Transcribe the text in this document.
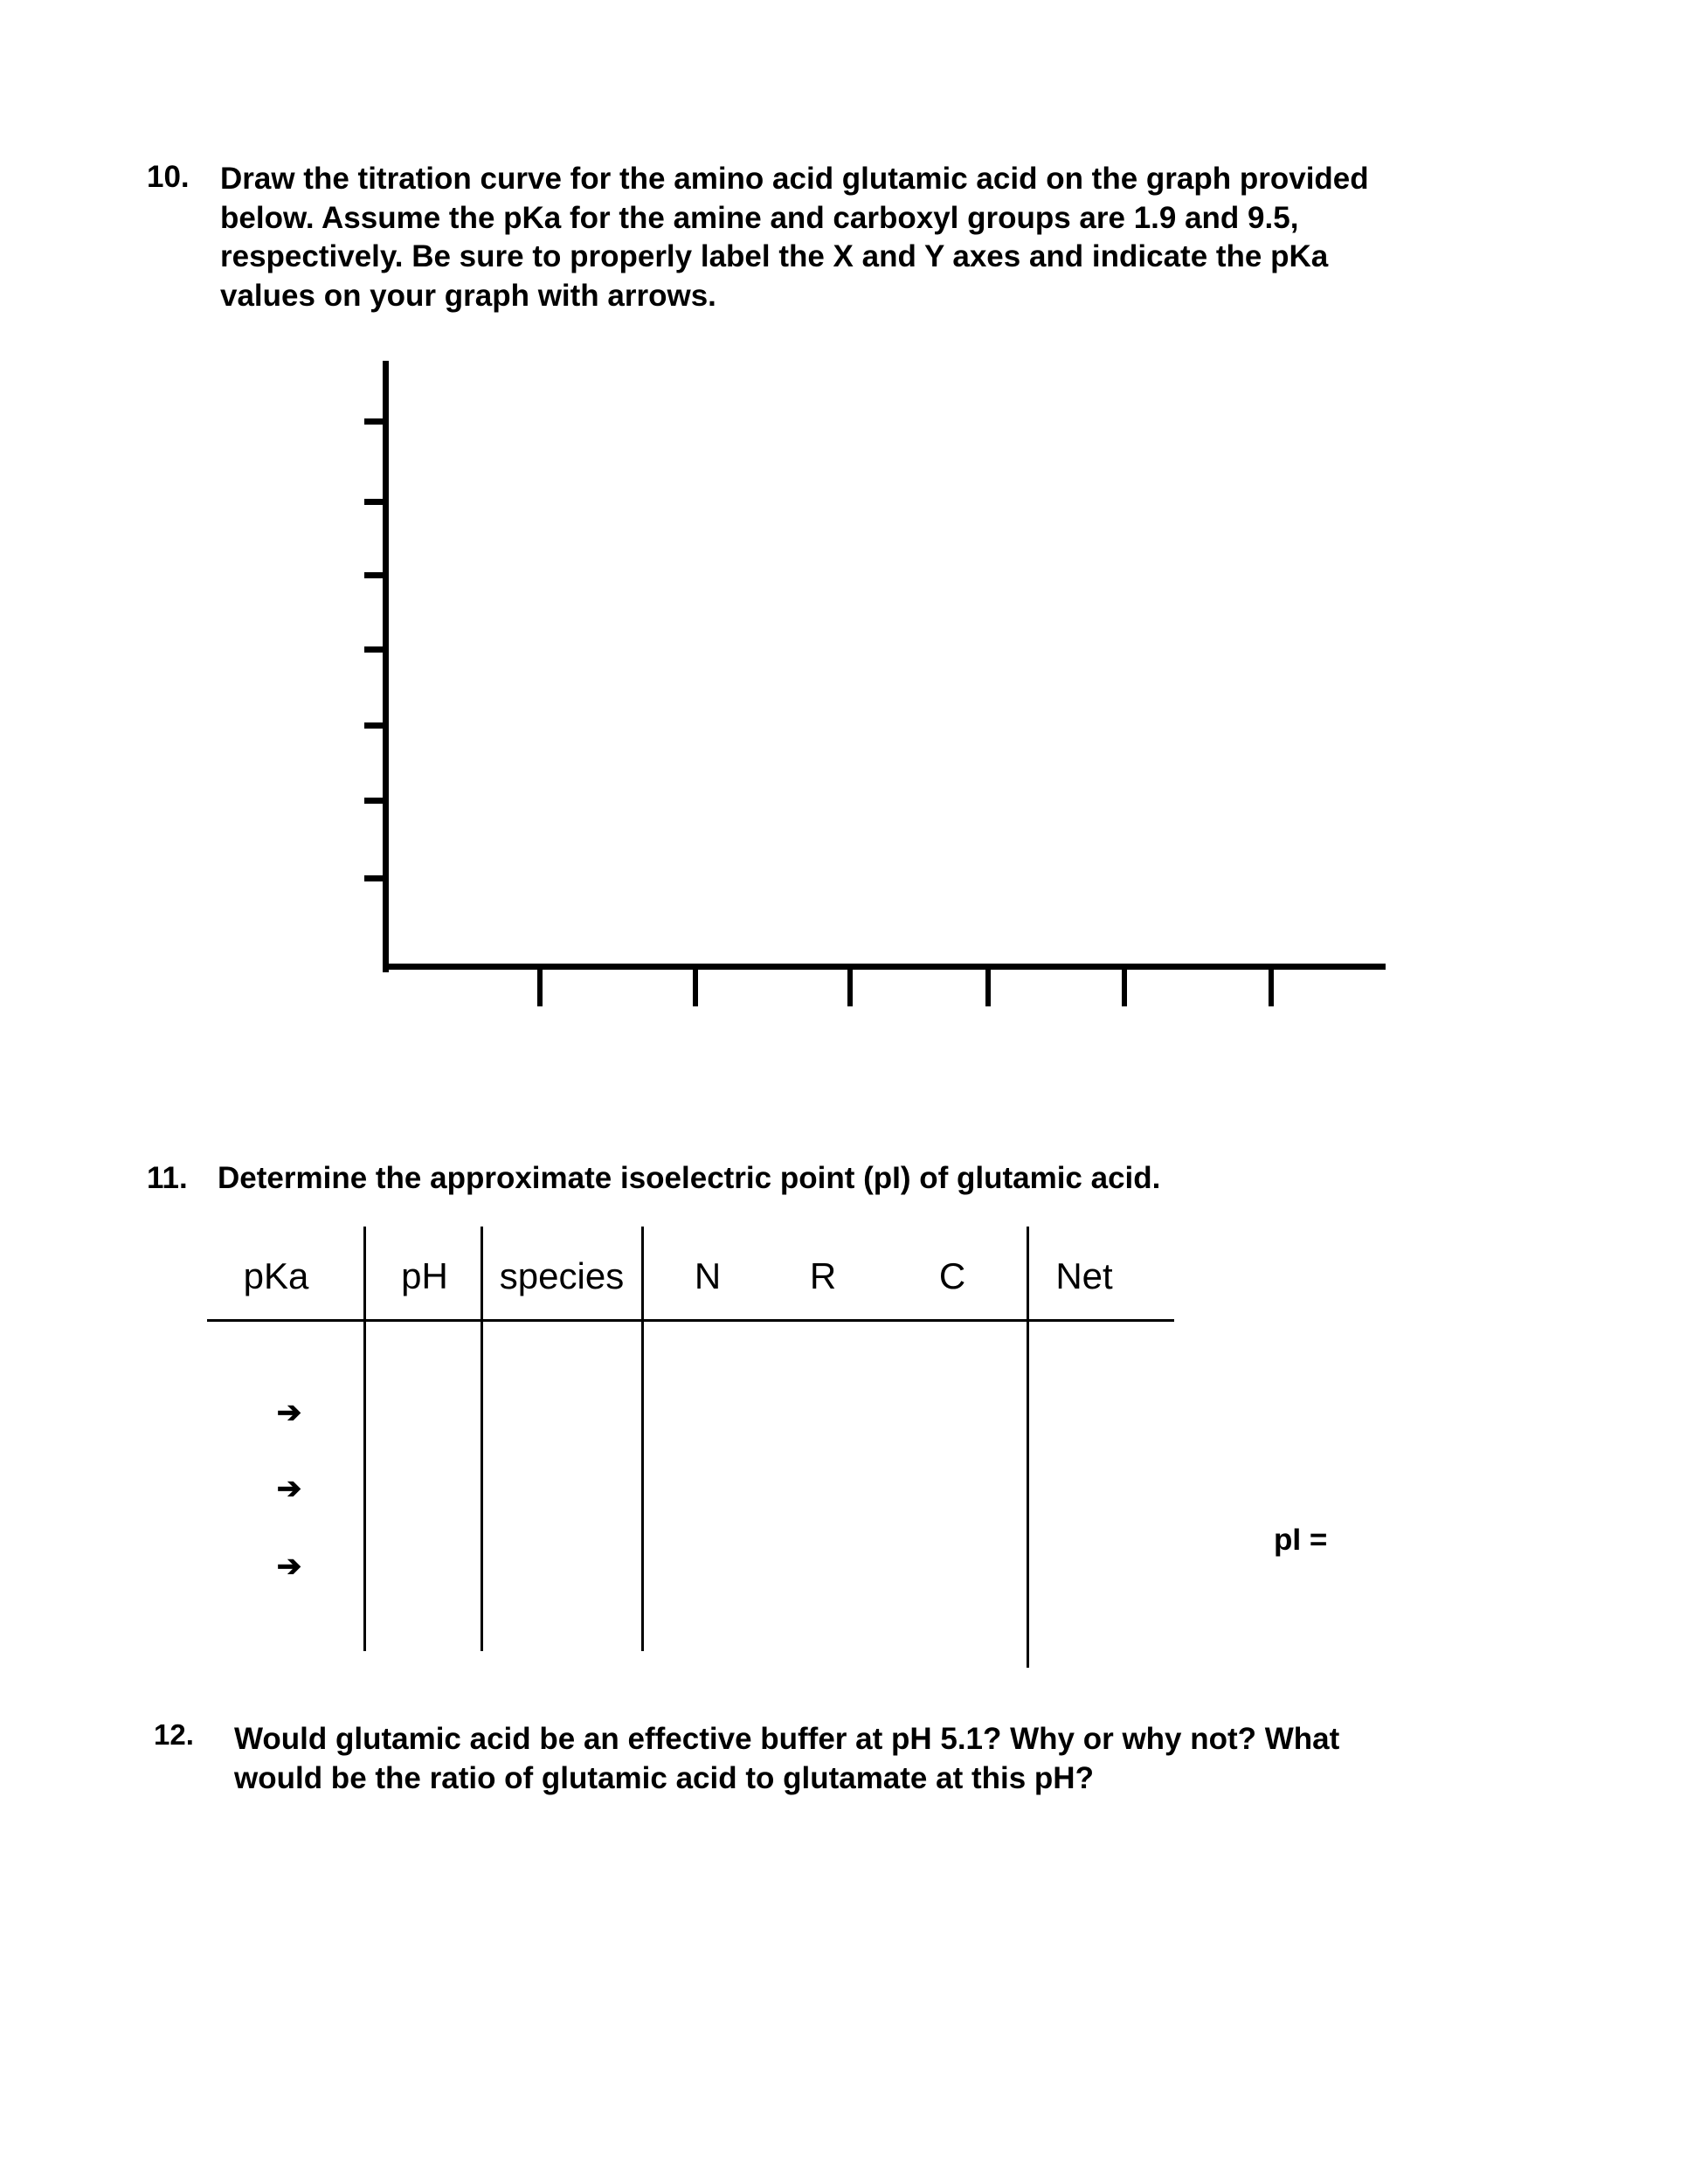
10. Draw the titration curve for the amino acid glutamic acid on the graph provided
below. Assume the pKa for the amine and carboxyl groups are 1.9 and 9.5,
respectively. Be sure to properly label the X and Y axes and indicate the pKa
values on your graph with arrows.
11. Determine the approximate isoelectric point (pI) of glutamic acid.
pKa	pH species N R	C Net
➔
➔
➔
pI =
12. Would glutamic acid be an effective buffer at pH 5.1? Why or why not? What
would be the ratio of glutamic acid to glutamate at this pH?
